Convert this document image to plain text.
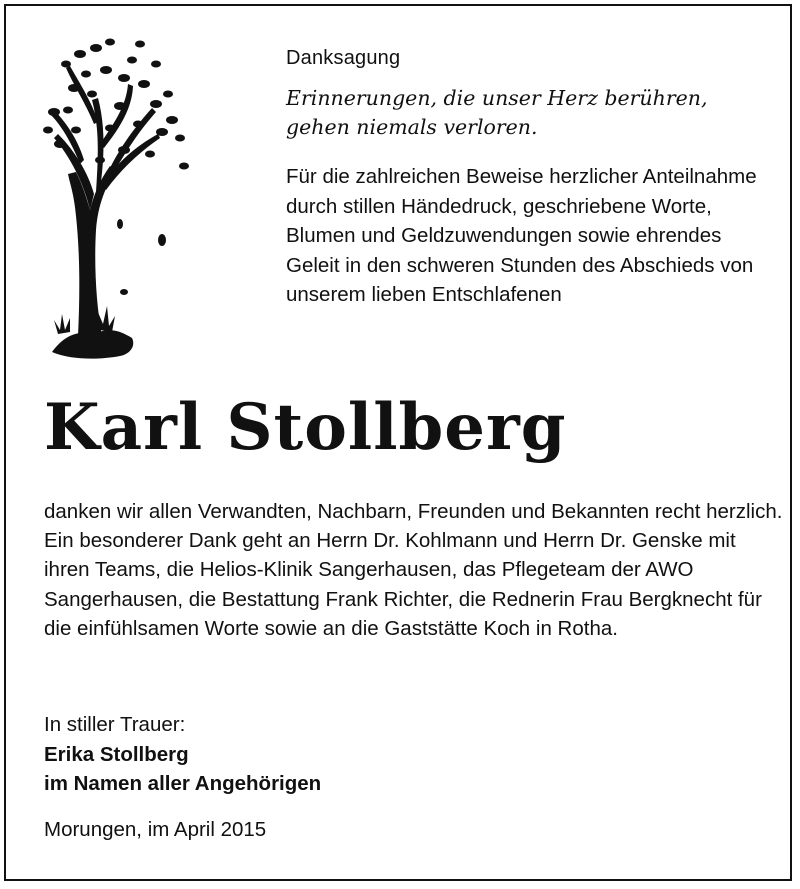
Danksagung

Erinnerungen, die unser Herz berühren,
gehen niemals verloren.

Für die zahlreichen Beweise herzlicher Anteilnahme durch stillen Händedruck, geschriebene Worte, Blumen und Geldzuwendungen sowie ehrendes Geleit in den schweren Stunden des Abschieds von unserem lieben Entschlafenen

Karl Stollberg
danken wir allen Verwandten, Nachbarn, Freunden und Bekannten recht herzlich.
Ein besonderer Dank geht an Herrn Dr. Kohlmann und Herrn Dr. Genske mit ihren Teams, die Helios-Klinik Sangerhausen, das Pflegeteam der AWO Sangerhausen, die Bestattung Frank Richter, die Rednerin Frau Bergknecht für die einfühlsamen Worte sowie an die Gaststätte Koch in Rotha.
In stiller Trauer:
Erika Stollberg
im Namen aller Angehörigen
Morungen, im April 2015
